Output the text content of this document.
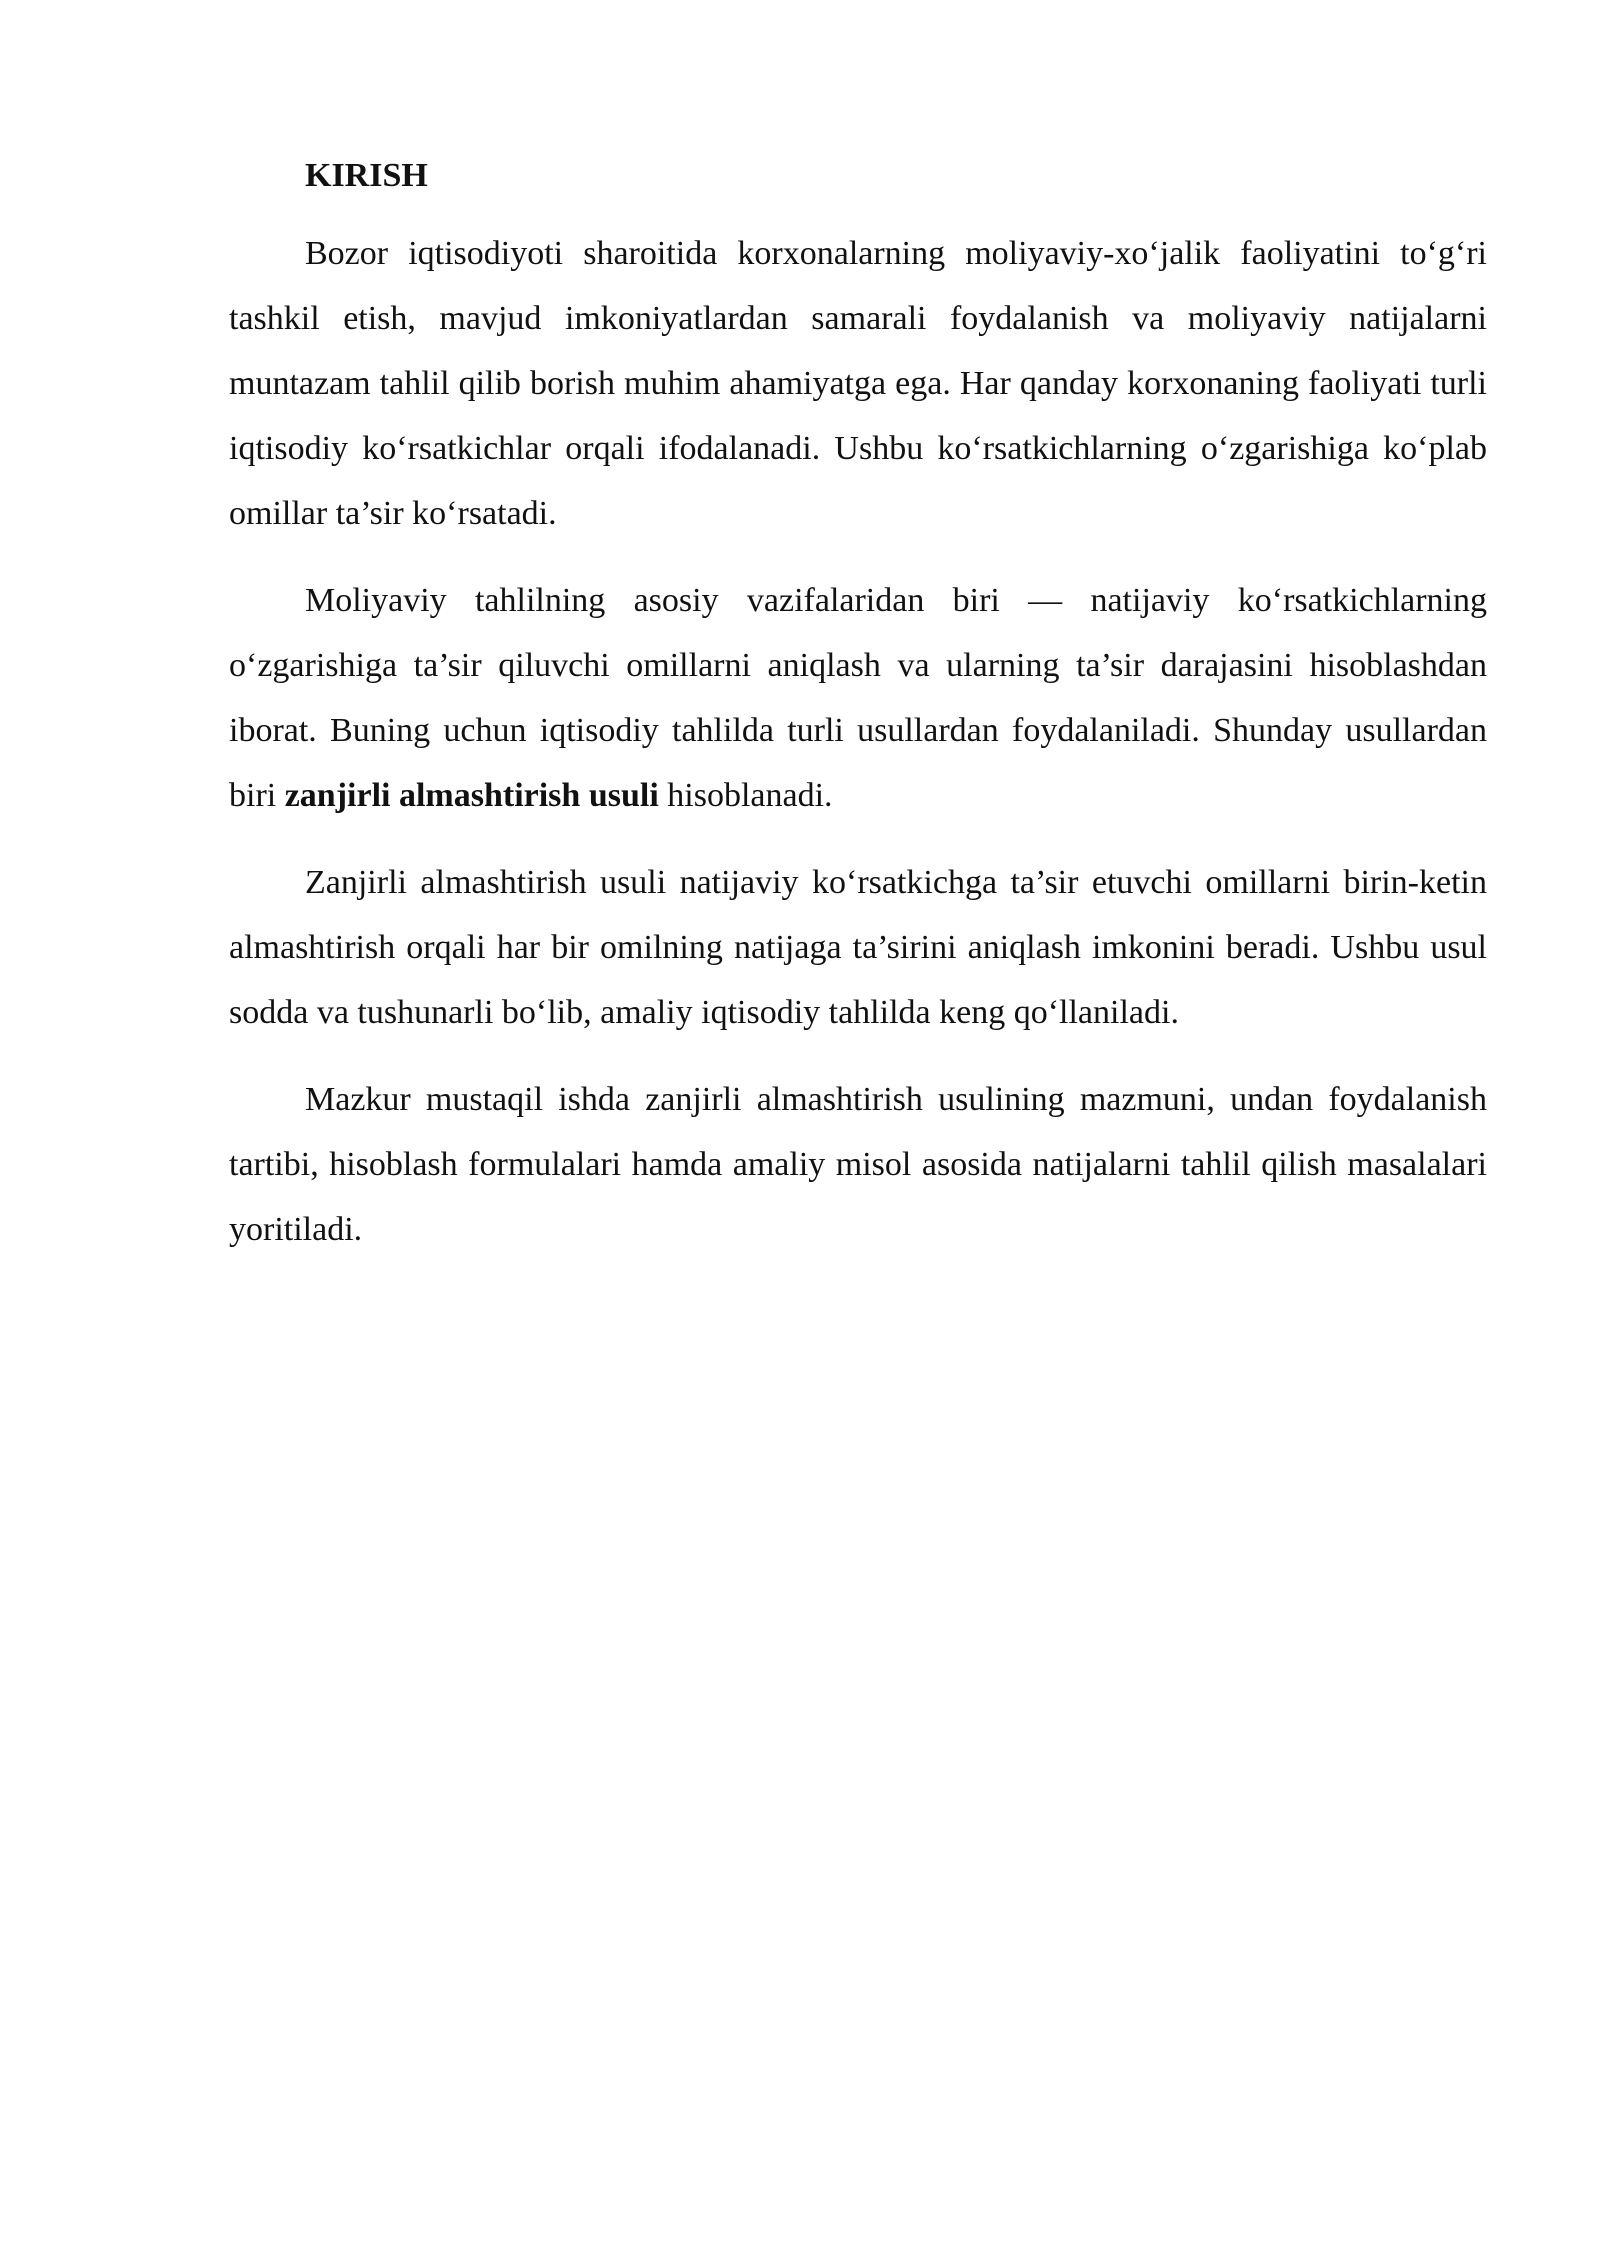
KIRISH

Bozor iqtisodiyoti sharoitida korxonalarning moliyaviy-xo‘jalik faoliyatini to‘g‘ri tashkil etish, mavjud imkoniyatlardan samarali foydalanish va moliyaviy natijalarni muntazam tahlil qilib borish muhim ahamiyatga ega. Har qanday korxonaning faoliyati turli iqtisodiy ko‘rsatkichlar orqali ifodalanadi. Ushbu ko‘rsatkichlarning o‘zgarishiga ko‘plab omillar ta’sir ko‘rsatadi.

Moliyaviy tahlilning asosiy vazifalaridan biri — natijaviy ko‘rsatkichlarning o‘zgarishiga ta’sir qiluvchi omillarni aniqlash va ularning ta’sir darajasini hisoblashdan iborat. Buning uchun iqtisodiy tahlilda turli usullardan foydalaniladi. Shunday usullardan biri zanjirli almashtirish usuli hisoblanadi.

Zanjirli almashtirish usuli natijaviy ko‘rsatkichga ta’sir etuvchi omillarni birin-ketin almashtirish orqali har bir omilning natijaga ta’sirini aniqlash imkonini beradi. Ushbu usul sodda va tushunarli bo‘lib, amaliy iqtisodiy tahlilda keng qo‘llaniladi.

Mazkur mustaqil ishda zanjirli almashtirish usulining mazmuni, undan foydalanish tartibi, hisoblash formulalari hamda amaliy misol asosida natijalarni tahlil qilish masalalari yoritiladi.
